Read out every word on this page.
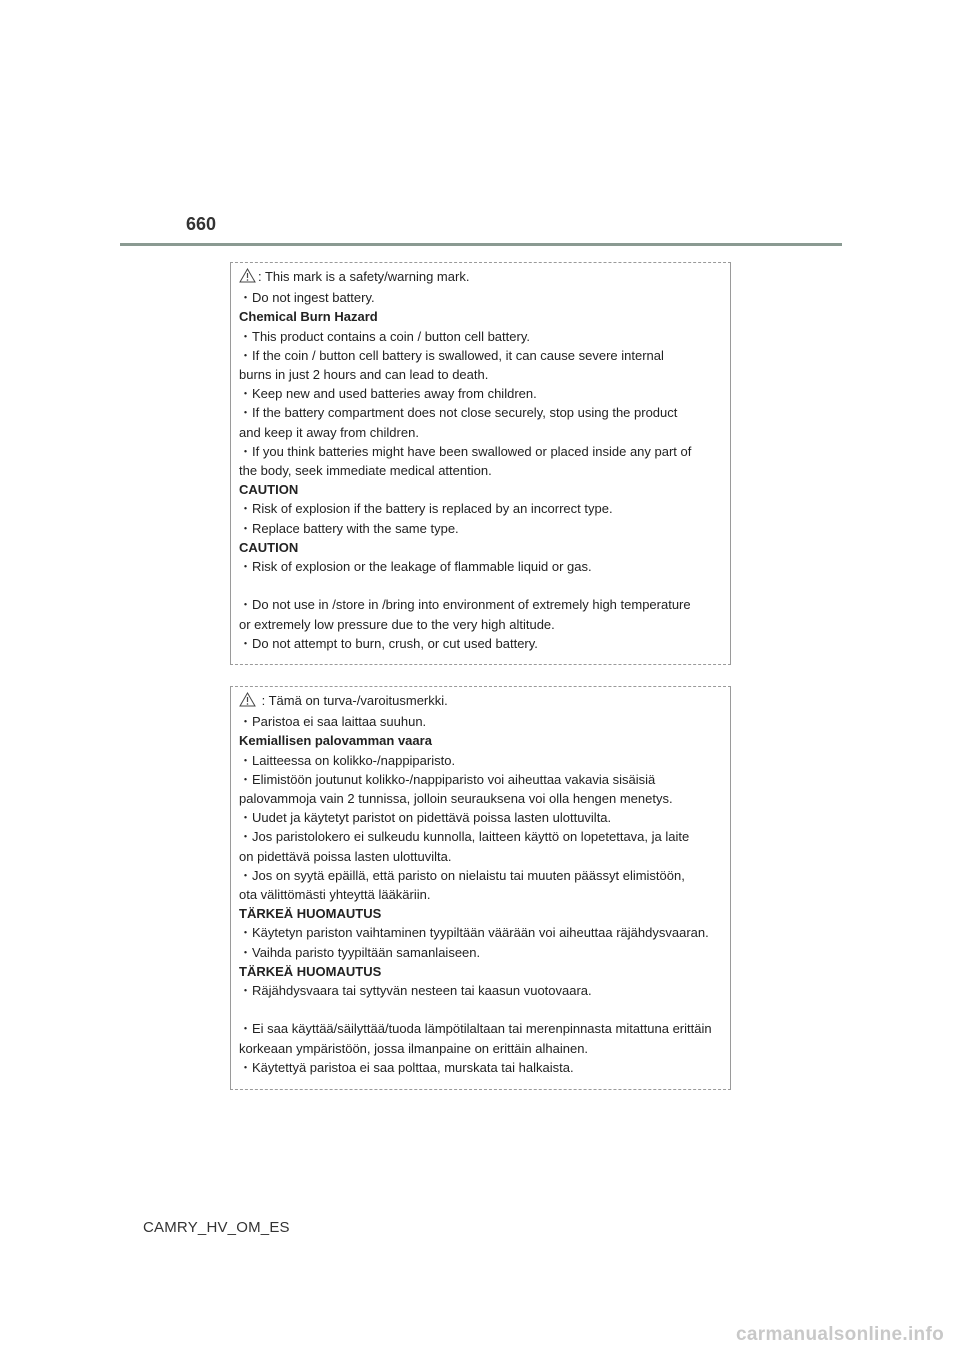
660
: This mark is a safety/warning mark.
・Do not ingest battery.
Chemical Burn Hazard
・This product contains a coin / button cell battery.
・If the coin / button cell battery is swallowed, it can cause severe internal
burns in just 2 hours and can lead to death.
・Keep new and used batteries away from children.
・If the battery compartment does not close securely, stop using the product
and keep it away from children.
・If you think batteries might have been swallowed or placed inside any part of
the body, seek immediate medical attention.
CAUTION
・Risk of explosion if the battery is replaced by an incorrect type.
・Replace battery with the same type.
CAUTION
・Risk of explosion or the leakage of flammable liquid or gas.
・Do not use in /store in /bring into environment of extremely high temperature
or extremely low pressure due to the very high altitude.
・Do not attempt to burn, crush, or cut used battery.
: Tämä on turva-/varoitusmerkki.
・Paristoa ei saa laittaa suuhun.
Kemiallisen palovamman vaara
・Laitteessa on kolikko-/nappiparisto.
・Elimistöön joutunut kolikko-/nappiparisto voi aiheuttaa vakavia sisäisiä
palovammoja vain 2 tunnissa, jolloin seurauksena voi olla hengen menetys.
・Uudet ja käytetyt paristot on pidettävä poissa lasten ulottuvilta.
・Jos paristolokero ei sulkeudu kunnolla, laitteen käyttö on lopetettava, ja laite
on pidettävä poissa lasten ulottuvilta.
・Jos on syytä epäillä, että paristo on nielaistu tai muuten päässyt elimistöön,
ota välittömästi yhteyttä lääkäriin.
TÄRKEÄ HUOMAUTUS
・Käytetyn pariston vaihtaminen tyypiltään väärään voi aiheuttaa räjähdysvaaran.
・Vaihda paristo tyypiltään samanlaiseen.
TÄRKEÄ HUOMAUTUS
・Räjähdysvaara tai syttyvän nesteen tai kaasun vuotovaara.
・Ei saa käyttää/säilyttää/tuoda lämpötilaltaan tai merenpinnasta mitattuna erittäin
korkeaan ympäristöön, jossa ilmanpaine on erittäin alhainen.
・Käytettyä paristoa ei saa polttaa, murskata tai halkaista.
CAMRY_HV_OM_ES
carmanualsonline.info
